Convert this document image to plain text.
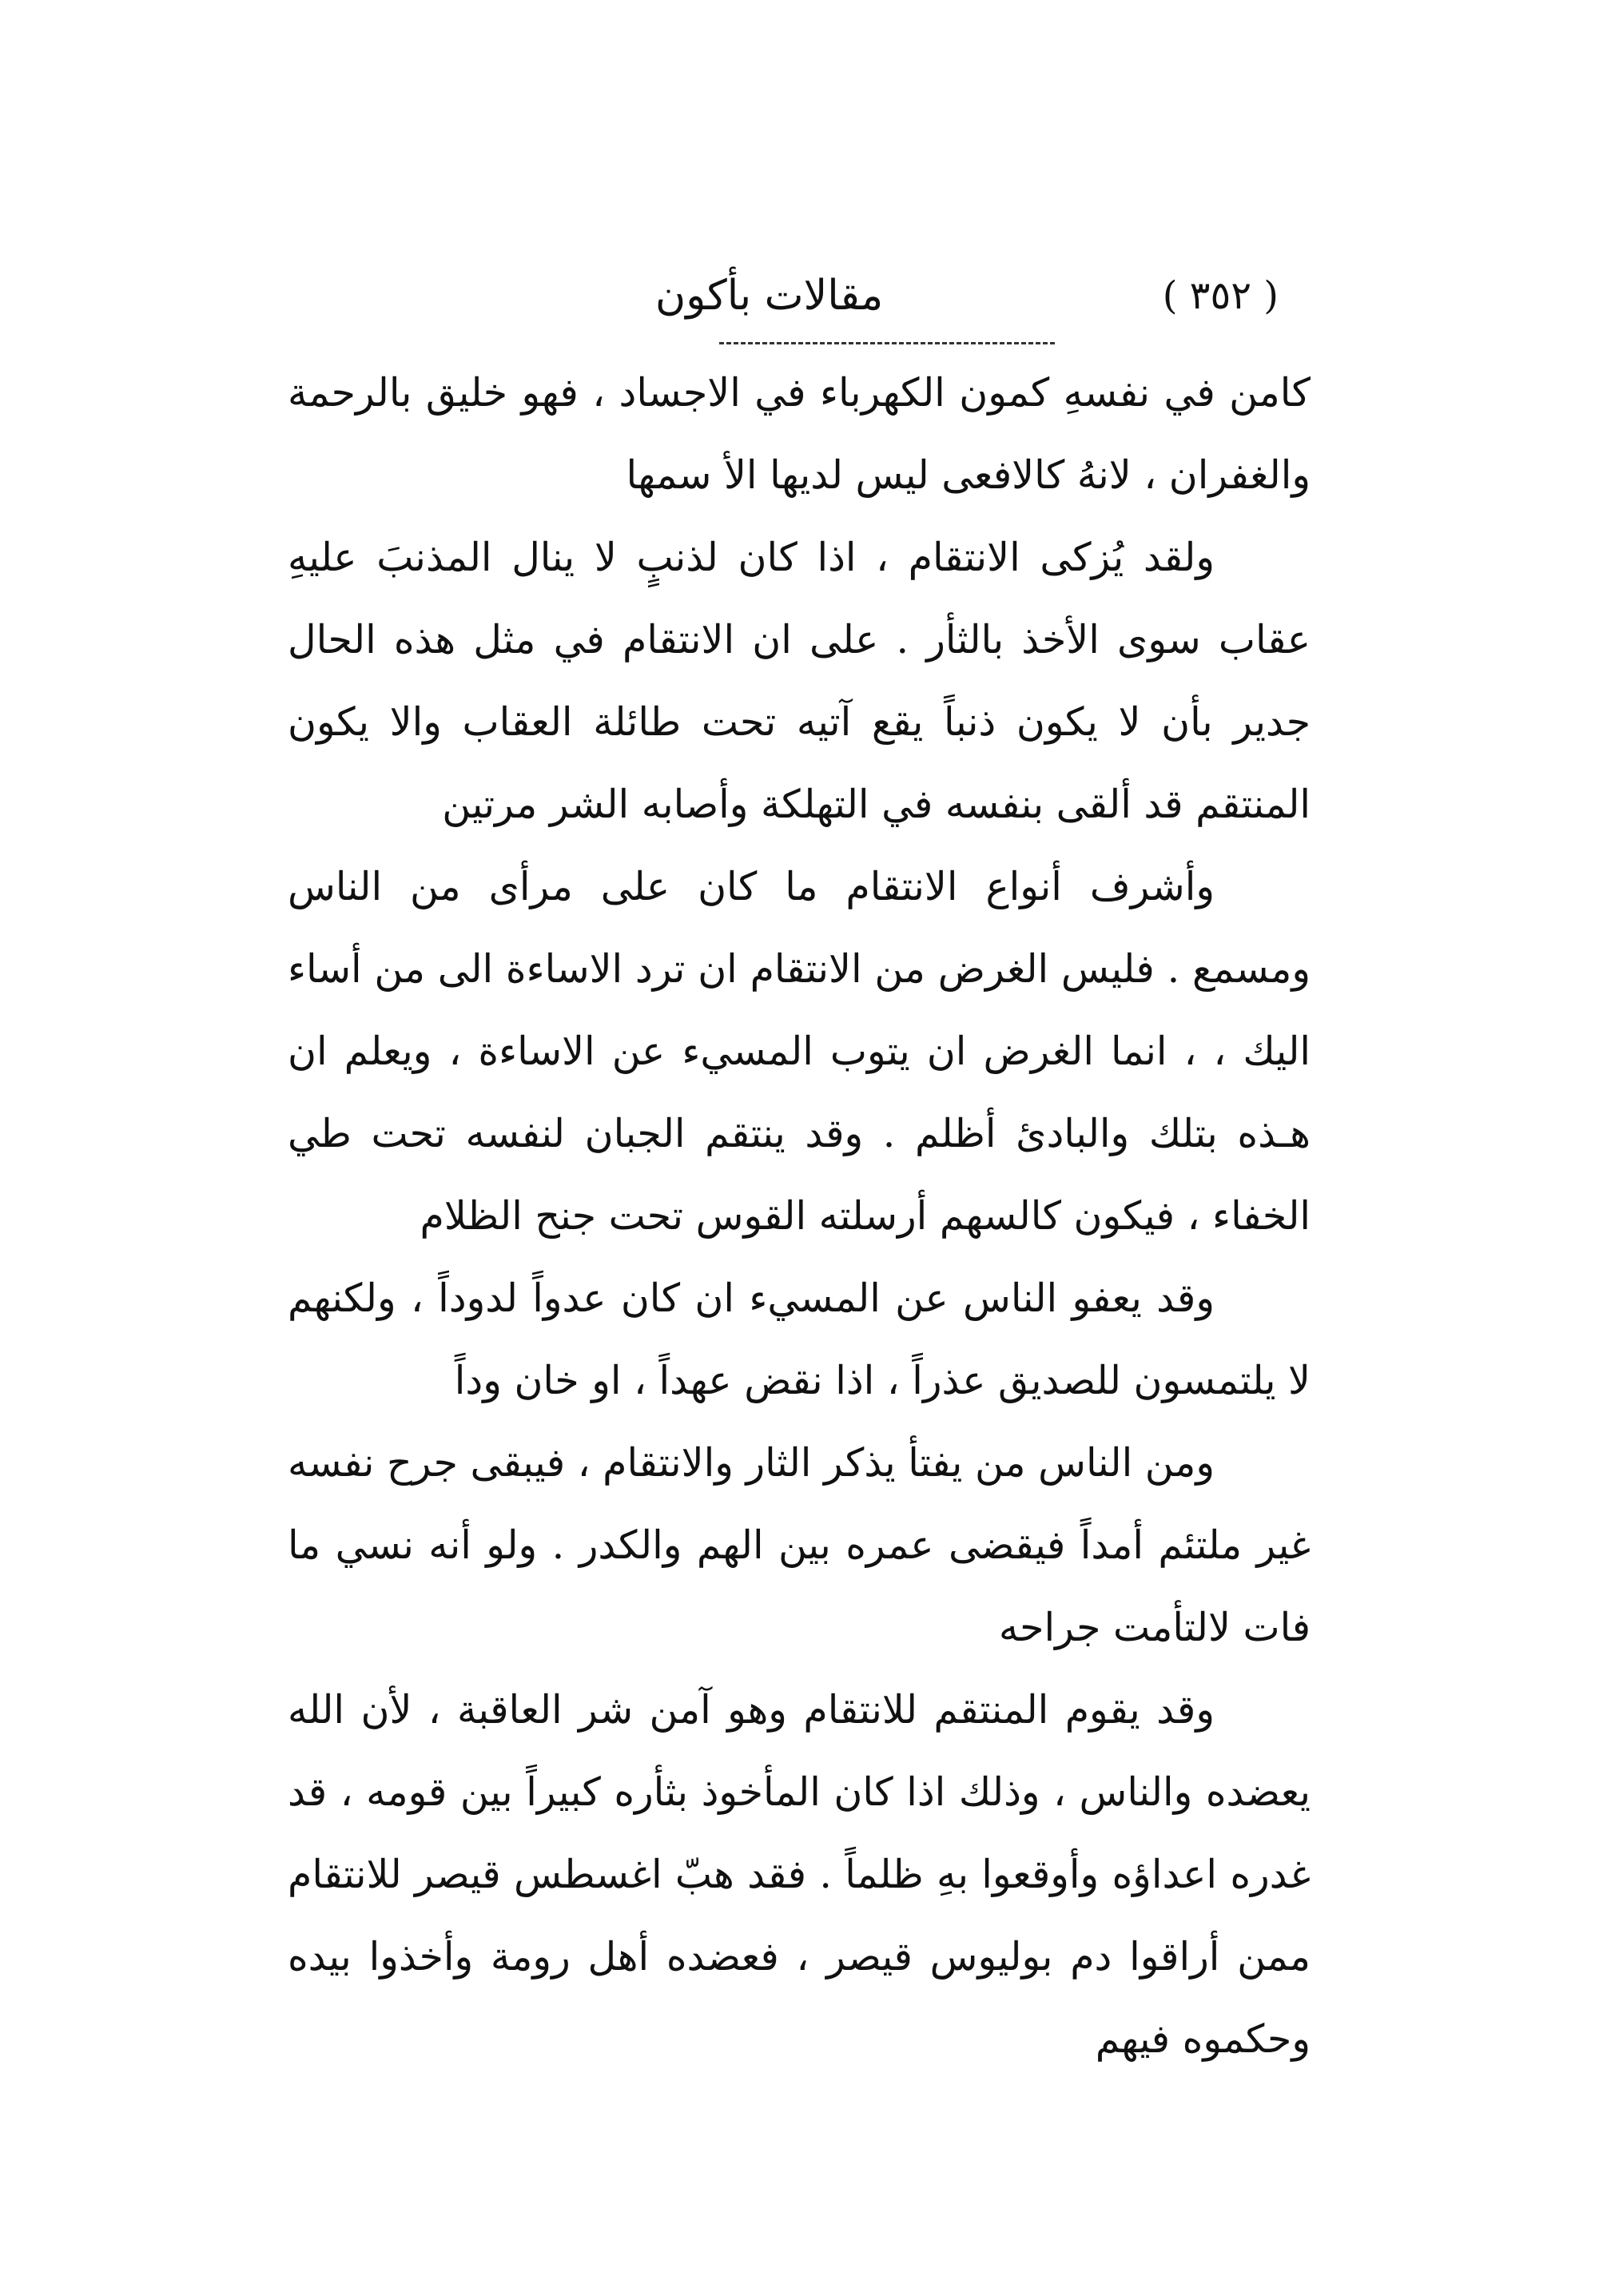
( ٣٥٢ )
مقالات بأكون

كامن في نفسهِ كمون الكهرباء في الاجساد ، فهو خليق بالرحمة والغفران ، لانهُ كالافعى ليس لديها الأ سمها

ولقد يُزكى الانتقام ، اذا كان لذنبٍ لا ينال المذنبَ عليهِ عقاب سوى الأخذ بالثأر . على ان الانتقام في مثل هذه الحال جدير بأن لا يكون ذنباً يقع آتيه تحت طائلة العقاب والا يكون المنتقم قد ألقى بنفسه في التهلكة وأصابه الشر مرتين

وأشرف أنواع الانتقام ما كان على مرأى من الناس ومسمع . فليس الغرض من الانتقام ان ترد الاساءة الى من أساء اليك ، ، انما الغرض ان يتوب المسيء عن الاساءة ، ويعلم ان هـذه بتلك والبادئ أظلم . وقد ينتقم الجبان لنفسه تحت طي الخفاء ، فيكون كالسهم أرسلته القوس تحت جنح الظلام

وقد يعفو الناس عن المسيء ان كان عدواً لدوداً ، ولكنهم لا يلتمسون للصديق عذراً ، اذا نقض عهداً ، او خان وداً

ومن الناس من يفتأ يذكر الثار والانتقام ، فيبقى جرح نفسه غير ملتئم أمداً فيقضى عمره بين الهم والكدر . ولو أنه نسي ما فات لالتأمت جراحه

وقد يقوم المنتقم للانتقام وهو آمن شر العاقبة ، لأن الله يعضده والناس ، وذلك اذا كان المأخوذ بثأره كبيراً بين قومه ، قد غدره اعداؤه وأوقعوا بهِ ظلماً . فقد هبّ اغسطس قيصر للانتقام ممن أراقوا دم بوليوس قيصر ، فعضده أهل رومة وأخذوا بيده وحكموه فيهم
